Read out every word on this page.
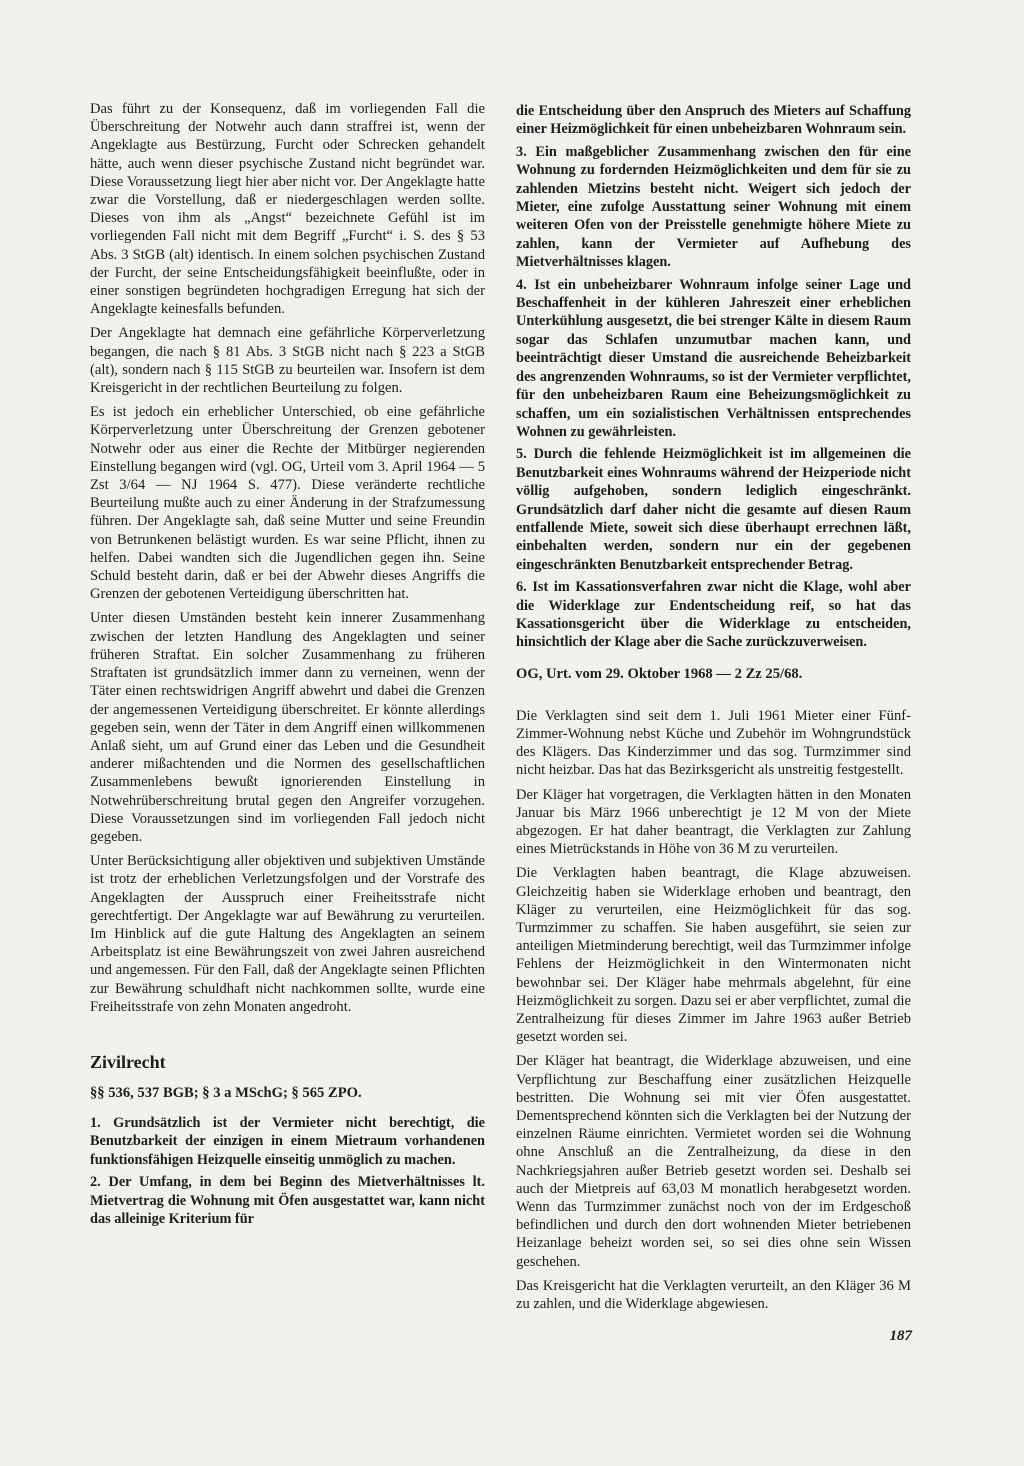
Das führt zu der Konsequenz, daß im vorliegenden Fall die Überschreitung der Notwehr auch dann straffrei ist, wenn der Angeklagte aus Bestürzung, Furcht oder Schrecken gehandelt hätte, auch wenn dieser psychische Zustand nicht begründet war. Diese Voraussetzung liegt hier aber nicht vor. Der Angeklagte hatte zwar die Vorstellung, daß er niedergeschlagen werden sollte. Dieses von ihm als „Angst“ bezeichnete Gefühl ist im vorliegenden Fall nicht mit dem Begriff „Furcht“ i. S. des § 53 Abs. 3 StGB (alt) identisch. In einem solchen psychischen Zustand der Furcht, der seine Entscheidungsfähigkeit beeinflußte, oder in einer sonstigen begründeten hochgradigen Erregung hat sich der Angeklagte keinesfalls befunden.

Der Angeklagte hat demnach eine gefährliche Körperverletzung begangen, die nach § 81 Abs. 3 StGB nicht nach § 223 a StGB (alt), sondern nach § 115 StGB zu beurteilen war. Insofern ist dem Kreisgericht in der rechtlichen Beurteilung zu folgen.

Es ist jedoch ein erheblicher Unterschied, ob eine gefährliche Körperverletzung unter Überschreitung der Grenzen gebotener Notwehr oder aus einer die Rechte der Mitbürger negierenden Einstellung begangen wird (vgl. OG, Urteil vom 3. April 1964 — 5 Zst 3/64 — NJ 1964 S. 477). Diese veränderte rechtliche Beurteilung mußte auch zu einer Änderung in der Strafzumessung führen. Der Angeklagte sah, daß seine Mutter und seine Freundin von Betrunkenen belästigt wurden. Es war seine Pflicht, ihnen zu helfen. Dabei wandten sich die Jugendlichen gegen ihn. Seine Schuld besteht darin, daß er bei der Abwehr dieses Angriffs die Grenzen der gebotenen Verteidigung überschritten hat.

Unter diesen Umständen besteht kein innerer Zusammenhang zwischen der letzten Handlung des Angeklagten und seiner früheren Straftat. Ein solcher Zusammenhang zu früheren Straftaten ist grundsätzlich immer dann zu verneinen, wenn der Täter einen rechtswidrigen Angriff abwehrt und dabei die Grenzen der angemessenen Verteidigung überschreitet. Er könnte allerdings gegeben sein, wenn der Täter in dem Angriff einen willkommenen Anlaß sieht, um auf Grund einer das Leben und die Gesundheit anderer mißachtenden und die Normen des gesellschaftlichen Zusammenlebens bewußt ignorierenden Einstellung in Notwehrüberschreitung brutal gegen den Angreifer vorzugehen. Diese Voraussetzungen sind im vorliegenden Fall jedoch nicht gegeben.

Unter Berücksichtigung aller objektiven und subjektiven Umstände ist trotz der erheblichen Verletzungsfolgen und der Vorstrafe des Angeklagten der Ausspruch einer Freiheitsstrafe nicht gerechtfertigt. Der Angeklagte war auf Bewährung zu verurteilen. Im Hinblick auf die gute Haltung des Angeklagten an seinem Arbeitsplatz ist eine Bewährungszeit von zwei Jahren ausreichend und angemessen. Für den Fall, daß der Angeklagte seinen Pflichten zur Bewährung schuldhaft nicht nachkommen sollte, wurde eine Freiheitsstrafe von zehn Monaten angedroht.

Zivilrecht
§§ 536, 537 BGB; § 3 a MSchG; § 565 ZPO.

1. Grundsätzlich ist der Vermieter nicht berechtigt, die Benutzbarkeit der einzigen in einem Mietraum vorhandenen funktionsfähigen Heizquelle einseitig unmöglich zu machen.

2. Der Umfang, in dem bei Beginn des Mietverhältnisses lt. Mietvertrag die Wohnung mit Öfen ausgestattet war, kann nicht das alleinige Kriterium für

die Entscheidung über den Anspruch des Mieters auf Schaffung einer Heizmöglichkeit für einen unbeheizbaren Wohnraum sein.

3. Ein maßgeblicher Zusammenhang zwischen den für eine Wohnung zu fordernden Heizmöglichkeiten und dem für sie zu zahlenden Mietzins besteht nicht. Weigert sich jedoch der Mieter, eine zufolge Ausstattung seiner Wohnung mit einem weiteren Ofen von der Preisstelle genehmigte höhere Miete zu zahlen, kann der Vermieter auf Aufhebung des Mietverhältnisses klagen.

4. Ist ein unbeheizbarer Wohnraum infolge seiner Lage und Beschaffenheit in der kühleren Jahreszeit einer erheblichen Unterkühlung ausgesetzt, die bei strenger Kälte in diesem Raum sogar das Schlafen unzumutbar machen kann, und beeinträchtigt dieser Umstand die ausreichende Beheizbarkeit des angrenzenden Wohnraums, so ist der Vermieter verpflichtet, für den unbeheizbaren Raum eine Beheizungsmöglichkeit zu schaffen, um ein sozialistischen Verhältnissen entsprechendes Wohnen zu gewährleisten.

5. Durch die fehlende Heizmöglichkeit ist im allgemeinen die Benutzbarkeit eines Wohnraums während der Heizperiode nicht völlig aufgehoben, sondern lediglich eingeschränkt. Grundsätzlich darf daher nicht die gesamte auf diesen Raum entfallende Miete, soweit sich diese überhaupt errechnen läßt, einbehalten werden, sondern nur ein der gegebenen eingeschränkten Benutzbarkeit entsprechender Betrag.

6. Ist im Kassationsverfahren zwar nicht die Klage, wohl aber die Widerklage zur Endentscheidung reif, so hat das Kassationsgericht über die Widerklage zu entscheiden, hinsichtlich der Klage aber die Sache zurückzuverweisen.

OG, Urt. vom 29. Oktober 1968 — 2 Zz 25/68.

Die Verklagten sind seit dem 1. Juli 1961 Mieter einer Fünf-Zimmer-Wohnung nebst Küche und Zubehör im Wohngrundstück des Klägers. Das Kinderzimmer und das sog. Turmzimmer sind nicht heizbar. Das hat das Bezirksgericht als unstreitig festgestellt.

Der Kläger hat vorgetragen, die Verklagten hätten in den Monaten Januar bis März 1966 unberechtigt je 12 M von der Miete abgezogen. Er hat daher beantragt, die Verklagten zur Zahlung eines Mietrückstands in Höhe von 36 M zu verurteilen.

Die Verklagten haben beantragt, die Klage abzuweisen. Gleichzeitig haben sie Widerklage erhoben und beantragt, den Kläger zu verurteilen, eine Heizmöglichkeit für das sog. Turmzimmer zu schaffen. Sie haben ausgeführt, sie seien zur anteiligen Mietminderung berechtigt, weil das Turmzimmer infolge Fehlens der Heizmöglichkeit in den Wintermonaten nicht bewohnbar sei. Der Kläger habe mehrmals abgelehnt, für eine Heizmöglichkeit zu sorgen. Dazu sei er aber verpflichtet, zumal die Zentralheizung für dieses Zimmer im Jahre 1963 außer Betrieb gesetzt worden sei.

Der Kläger hat beantragt, die Widerklage abzuweisen, und eine Verpflichtung zur Beschaffung einer zusätzlichen Heizquelle bestritten. Die Wohnung sei mit vier Öfen ausgestattet. Dementsprechend könnten sich die Verklagten bei der Nutzung der einzelnen Räume einrichten. Vermietet worden sei die Wohnung ohne Anschluß an die Zentralheizung, da diese in den Nachkriegsjahren außer Betrieb gesetzt worden sei. Deshalb sei auch der Mietpreis auf 63,03 M monatlich herabgesetzt worden. Wenn das Turmzimmer zunächst noch von der im Erdgeschoß befindlichen und durch den dort wohnenden Mieter betriebenen Heizanlage beheizt worden sei, so sei dies ohne sein Wissen geschehen.

Das Kreisgericht hat die Verklagten verurteilt, an den Kläger 36 M zu zahlen, und die Widerklage abgewiesen.

187
